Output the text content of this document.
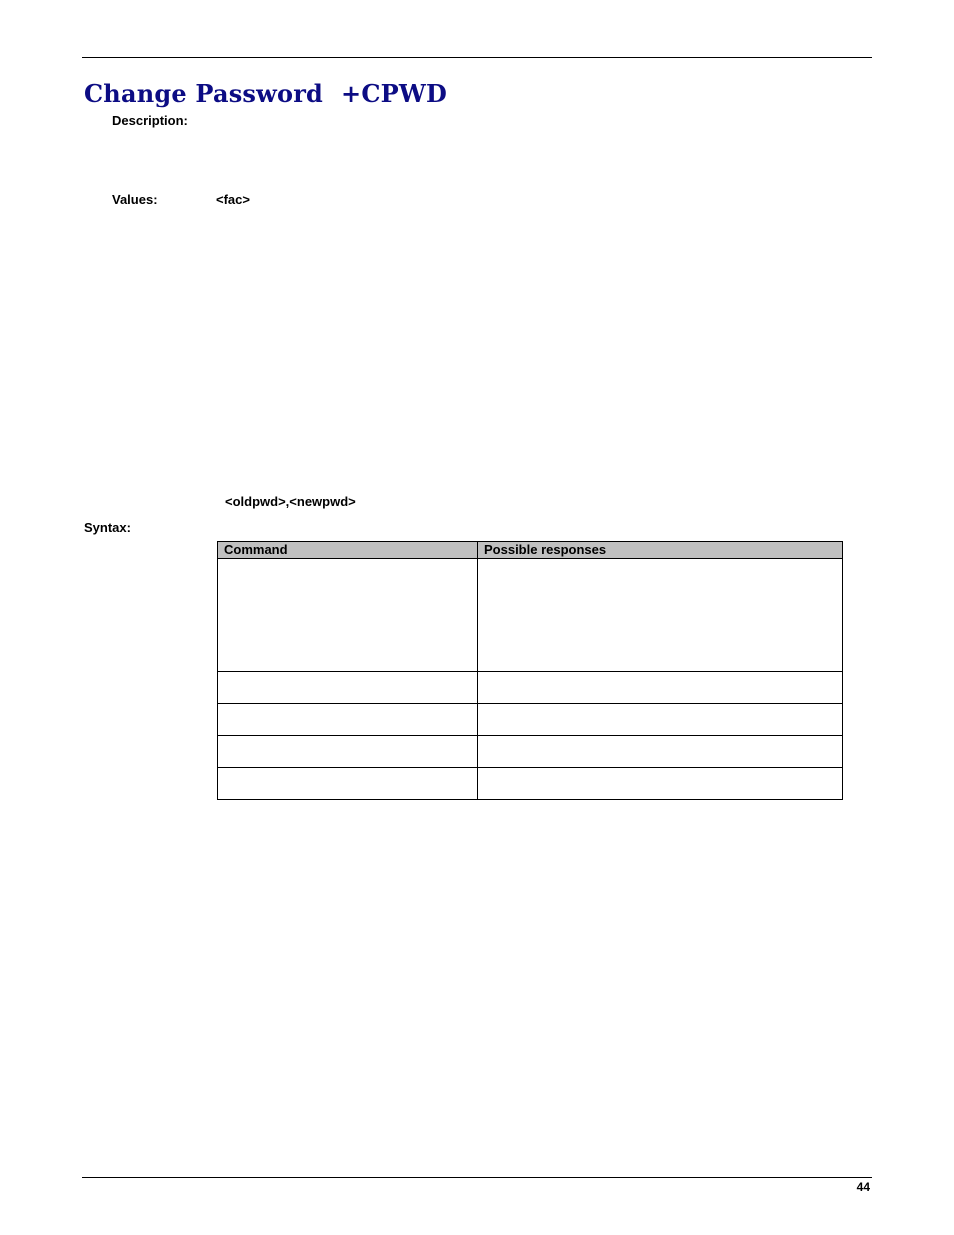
Change Password +CPWD
Description:
Values:	<fac>
<oldpwd>,<newpwd>
Syntax:
Command	Possible responses

44
